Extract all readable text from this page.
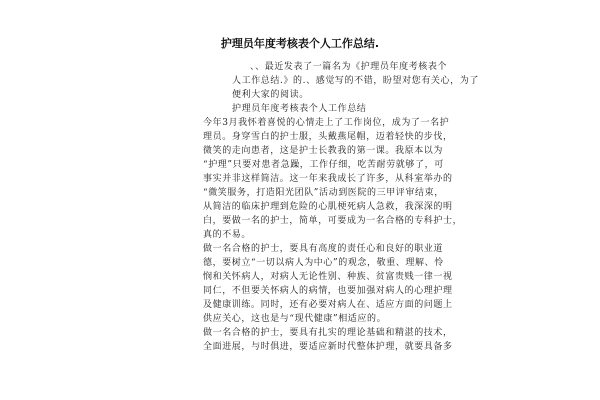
护理员年度考核表个人工作总结.
、、最近发表了一篇名为《护理员年度考核表个
人工作总结.》的.、感觉写的不错，盼望对您有关心，为了
便利大家的阅读。
护理员年度考核表个人工作总结
今年3月我怀着喜悦的心情走上了工作岗位，成为了一名护
理员。身穿雪白的护士服，头戴燕尾帽，迈着轻快的步伐，
微笑的走向患者，这是护士长教我的第一课。我原本以为
“护理”只要对患者急躁，工作仔细，吃苦耐劳就够了，可
事实并非这样简洁。这一年来我成长了许多，从科室举办的
“微笑服务，打造阳光团队”活动到医院的三甲评审结束，
从简洁的临床护理到危险的心肌梗死病人急救，我深深的明
白，要做一名的护士，简单，可要成为一名合格的专科护士，
真的不易。
做一名合格的护士，要具有高度的责任心和良好的职业道
德，要树立“一切以病人为中心”的观念，敬重、理解、怜
悯和关怀病人，对病人无论性别、种族、贫富贵贱一律一视
同仁，不但要关怀病人的病情，也要加强对病人的心理护理
及健康训练。同时，还有必要对病人在、适应方面的问题上
供应关心，这也是与“现代健康”相适应的。
做一名合格的护士，要具有扎实的理论基础和精湛的技术，
全面进展，与时俱进，要适应新时代整体护理，就要具备多
